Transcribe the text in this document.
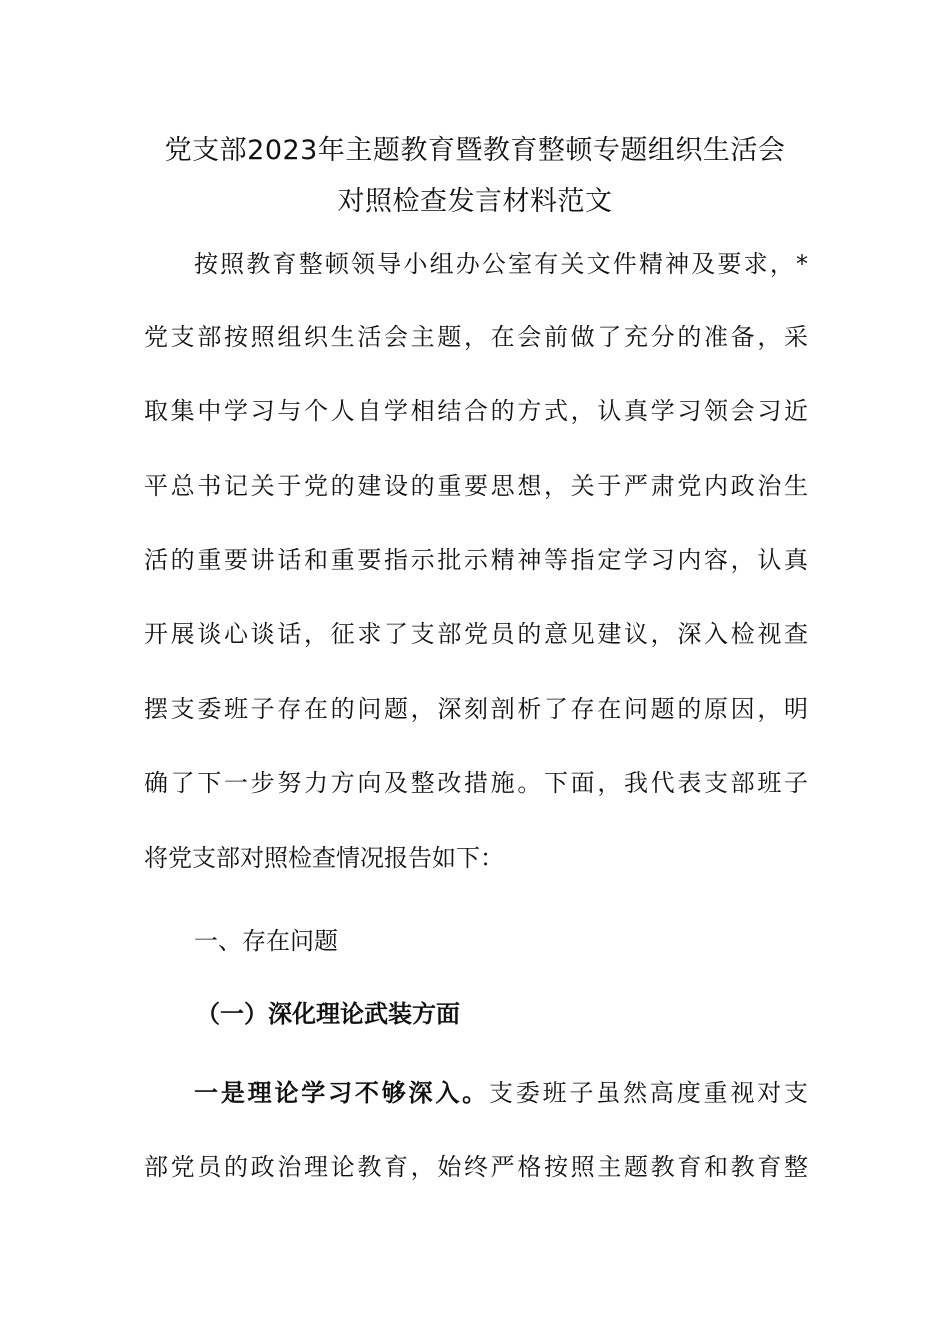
党支部2023年主题教育暨教育整顿专题组织生活会
对照检查发言材料范文
按照教育整顿领导小组办公室有关文件精神及要求，*
党支部按照组织生活会主题，在会前做了充分的准备，采
取集中学习与个人自学相结合的方式，认真学习领会习近
平总书记关于党的建设的重要思想，关于严肃党内政治生
活的重要讲话和重要指示批示精神等指定学习内容，认真
开展谈心谈话，征求了支部党员的意见建议，深入检视查
摆支委班子存在的问题，深刻剖析了存在问题的原因，明
确了下一步努力方向及整改措施。下面，我代表支部班子
将党支部对照检查情况报告如下：
一、存在问题
（一）深化理论武装方面
一是理论学习不够深入。支委班子虽然高度重视对支
部党员的政治理论教育，始终严格按照主题教育和教育整
